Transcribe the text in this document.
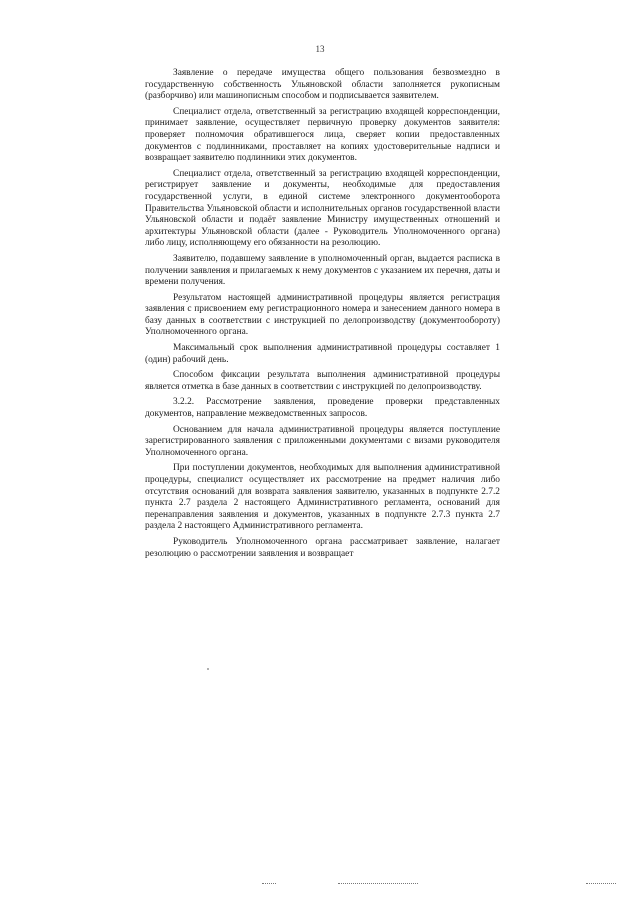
13

Заявление о передаче имущества общего пользования безвозмездно в государственную собственность Ульяновской области заполняется рукописным (разборчиво) или машинописным способом и подписывается заявителем.

Специалист отдела, ответственный за регистрацию входящей корреспонденции, принимает заявление, осуществляет первичную проверку документов заявителя: проверяет полномочия обратившегося лица, сверяет копии предоставленных документов с подлинниками, проставляет на копиях удостоверительные надписи и возвращает заявителю подлинники этих документов.

Специалист отдела, ответственный за регистрацию входящей корреспонденции, регистрирует заявление и документы, необходимые для предоставления государственной услуги, в единой системе электронного документооборота Правительства Ульяновской области и исполнительных органов государственной власти Ульяновской области и подаёт заявление Министру имущественных отношений и архитектуры Ульяновской области (далее - Руководитель Уполномоченного органа) либо лицу, исполняющему его обязанности на резолюцию.

Заявителю, подавшему заявление в уполномоченный орган, выдается расписка в получении заявления и прилагаемых к нему документов с указанием их перечня, даты и времени получения.

Результатом настоящей административной процедуры является регистрация заявления с присвоением ему регистрационного номера и занесением данного номера в базу данных в соответствии с инструкцией по делопроизводству (документообороту) Уполномоченного органа.

Максимальный срок выполнения административной процедуры составляет 1 (один) рабочий день.

Способом фиксации результата выполнения административной процедуры является отметка в базе данных в соответствии с инструкцией по делопроизводству.

3.2.2. Рассмотрение заявления, проведение проверки представленных документов, направление межведомственных запросов.

Основанием для начала административной процедуры является поступление зарегистрированного заявления с приложенными документами с визами руководителя Уполномоченного органа.

При поступлении документов, необходимых для выполнения административной процедуры, специалист осуществляет их рассмотрение на предмет наличия либо отсутствия оснований для возврата заявления заявителю, указанных в подпункте 2.7.2 пункта 2.7 раздела 2 настоящего Административного регламента, оснований для перенаправления заявления и документов, указанных в подпункте 2.7.3 пункта 2.7 раздела 2 настоящего Административного регламента.

Руководитель Уполномоченного органа рассматривает заявление, налагает резолюцию о рассмотрении заявления и возвращает
